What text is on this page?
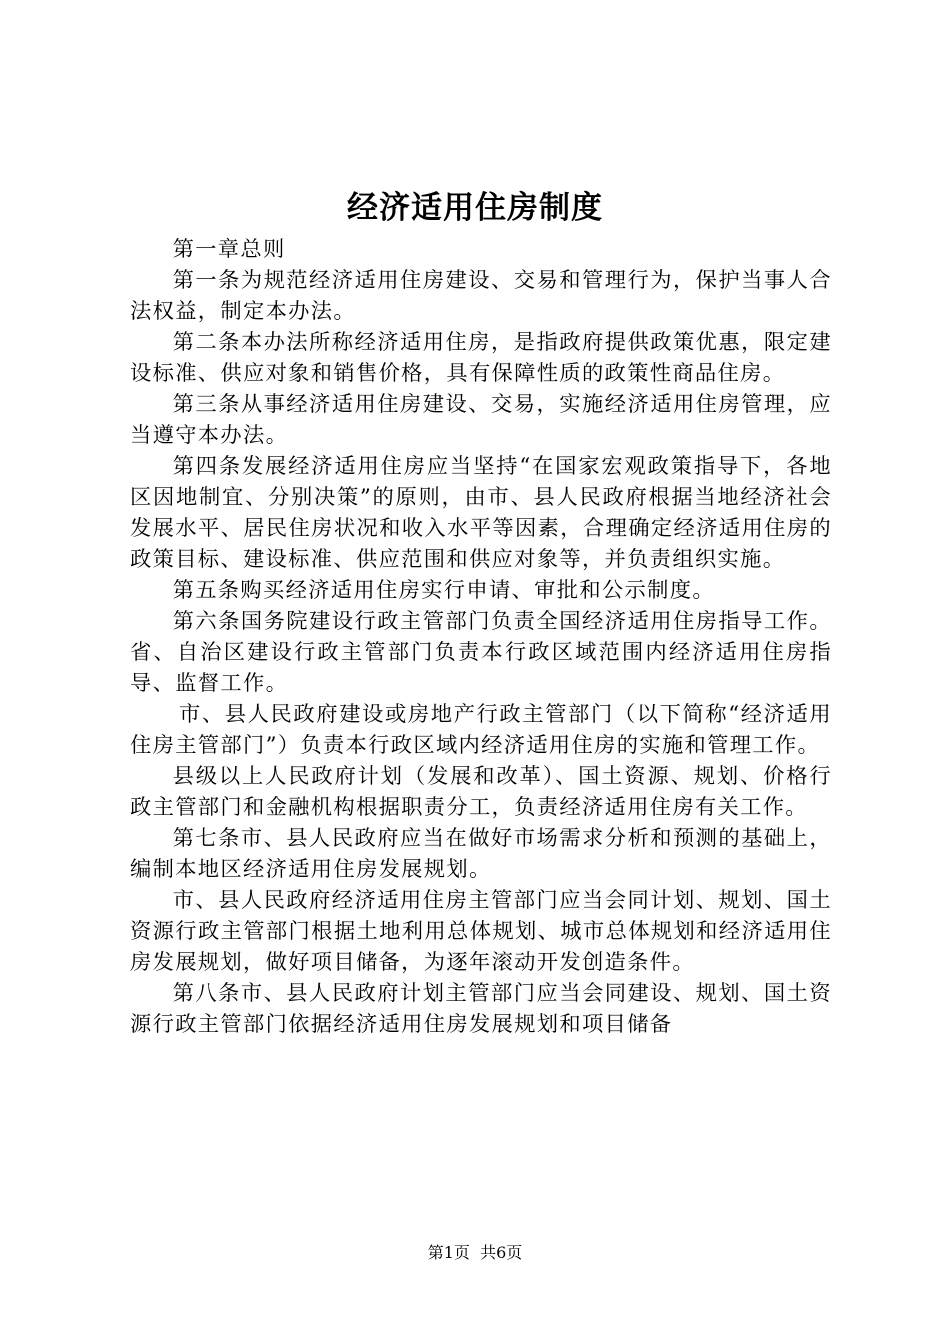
经济适用住房制度

第一章总则

第一条为规范经济适用住房建设、交易和管理行为，保护当事人合法权益，制定本办法。

第二条本办法所称经济适用住房，是指政府提供政策优惠，限定建设标准、供应对象和销售价格，具有保障性质的政策性商品住房。

第三条从事经济适用住房建设、交易，实施经济适用住房管理，应当遵守本办法。

第四条发展经济适用住房应当坚持“在国家宏观政策指导下，各地区因地制宜、分别决策”的原则，由市、县人民政府根据当地经济社会发展水平、居民住房状况和收入水平等因素，合理确定经济适用住房的政策目标、建设标准、供应范围和供应对象等，并负责组织实施。

第五条购买经济适用住房实行申请、审批和公示制度。

第六条国务院建设行政主管部门负责全国经济适用住房指导工作。省、自治区建设行政主管部门负责本行政区域范围内经济适用住房指导、监督工作。

市、县人民政府建设或房地产行政主管部门（以下简称“经济适用住房主管部门”）负责本行政区域内经济适用住房的实施和管理工作。

县级以上人民政府计划（发展和改革）、国土资源、规划、价格行政主管部门和金融机构根据职责分工，负责经济适用住房有关工作。

第七条市、县人民政府应当在做好市场需求分析和预测的基础上，编制本地区经济适用住房发展规划。

市、县人民政府经济适用住房主管部门应当会同计划、规划、国土资源行政主管部门根据土地利用总体规划、城市总体规划和经济适用住房发展规划，做好项目储备，为逐年滚动开发创造条件。

第八条市、县人民政府计划主管部门应当会同建设、规划、国土资源行政主管部门依据经济适用住房发展规划和项目储备

第1页 共6页
